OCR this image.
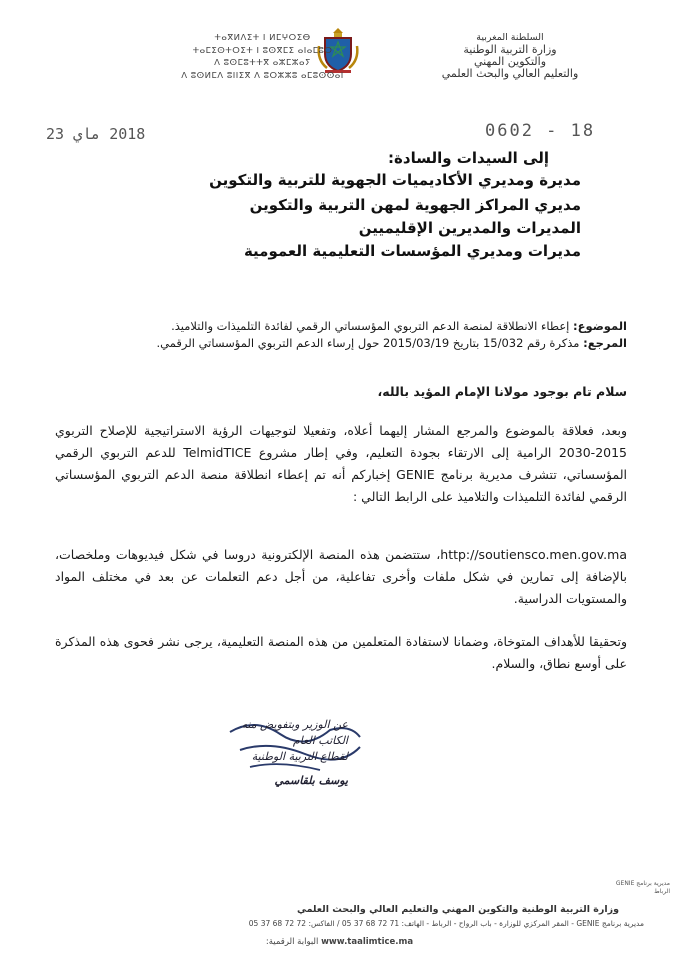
السلطنة المغربية
وزارة التربية الوطنية
والتكوين المهني
والتعليم العالي والبحث العلمي
ⵜⴰⴳⵍⴷⵉⵜ ⵏ ⵍⵎⵖⵔⵉⴱ
ⵜⴰⵎⵉⵙⵜⵔⵉⵜ ⵏ ⵓⵙⴳⵎⵉ ⴰⵏⴰⵎⵓⵔ
ⴷ ⵓⵙⵎⵓⵜⵜⴳ ⴰⵣⵎⵣⴰⵢ
ⴷ ⵓⵙⵍⵎⴷ ⵓⵏⵏⵉⴳ ⴷ ⵓⵔⵣⵣⵓ ⴰⵎⵓⵙⵙⴰⵏ
2018 ماي 23	0602 - 18
إلى السيدات والسادة:
مديرة ومديري الأكاديميات الجهوية للتربية والتكوين
مديري المراكز الجهوية لمهن التربية والتكوين
المديرات والمديرين الإقليميين
مديرات ومديري المؤسسات التعليمية العمومية
الموضوع: إعطاء الانطلاقة لمنصة الدعم التربوي المؤسساتي الرقمي لفائدة التلميذات والتلاميذ.
المرجع: مذكرة رقم 15/032 بتاريخ 2015/03/19 حول إرساء الدعم التربوي المؤسساتي الرقمي.
سلام تام بوجود مولانا الإمام المؤيد بالله،
وبعد، فعلاقة بالموضوع والمرجع المشار إليهما أعلاه، وتفعيلا لتوجيهات الرؤية الاستراتيجية للإصلاح التربوي 2015-2030 الرامية إلى الارتقاء بجودة التعليم، وفي إطار مشروع TelmidTICE للدعم التربوي الرقمي المؤسساتي، تتشرف مديرية برنامج GENIE إخباركم أنه تم إعطاء انطلاقة منصة الدعم التربوي المؤسساتي الرقمي لفائدة التلميذات والتلاميذ على الرابط التالي :
http://soutiensco.men.gov.ma، ستتضمن هذه المنصة الإلكترونية دروسا في شكل فيديوهات وملخصات، بالإضافة إلى تمارين في شكل ملفات وأخرى تفاعلية، من أجل دعم التعلمات عن بعد في مختلف المواد والمستويات الدراسية.
وتحقيقا للأهداف المتوخاة، وضمانا لاستفادة المتعلمين من هذه المنصة التعليمية، يرجى نشر فحوى هذه المذكرة على أوسع نطاق، والسلام.
عن الوزير وبتفويض منه
الكاتب العام
لقطاع التربية الوطنية
يوسف بلقاسمي
مديرية برنامج GENIE
الرباط
وزارة التربية الوطنية والتكوين المهني والتعليم العالي والبحث العلمي
مديرية برنامج GENIE - المقر المركزي للوزارة - باب الرواح - الرباط - الهاتف: 71 72 68 37 05 / الفاكس: 72 72 68 37 05
www.taalimtice.ma البوابة الرقمية:
